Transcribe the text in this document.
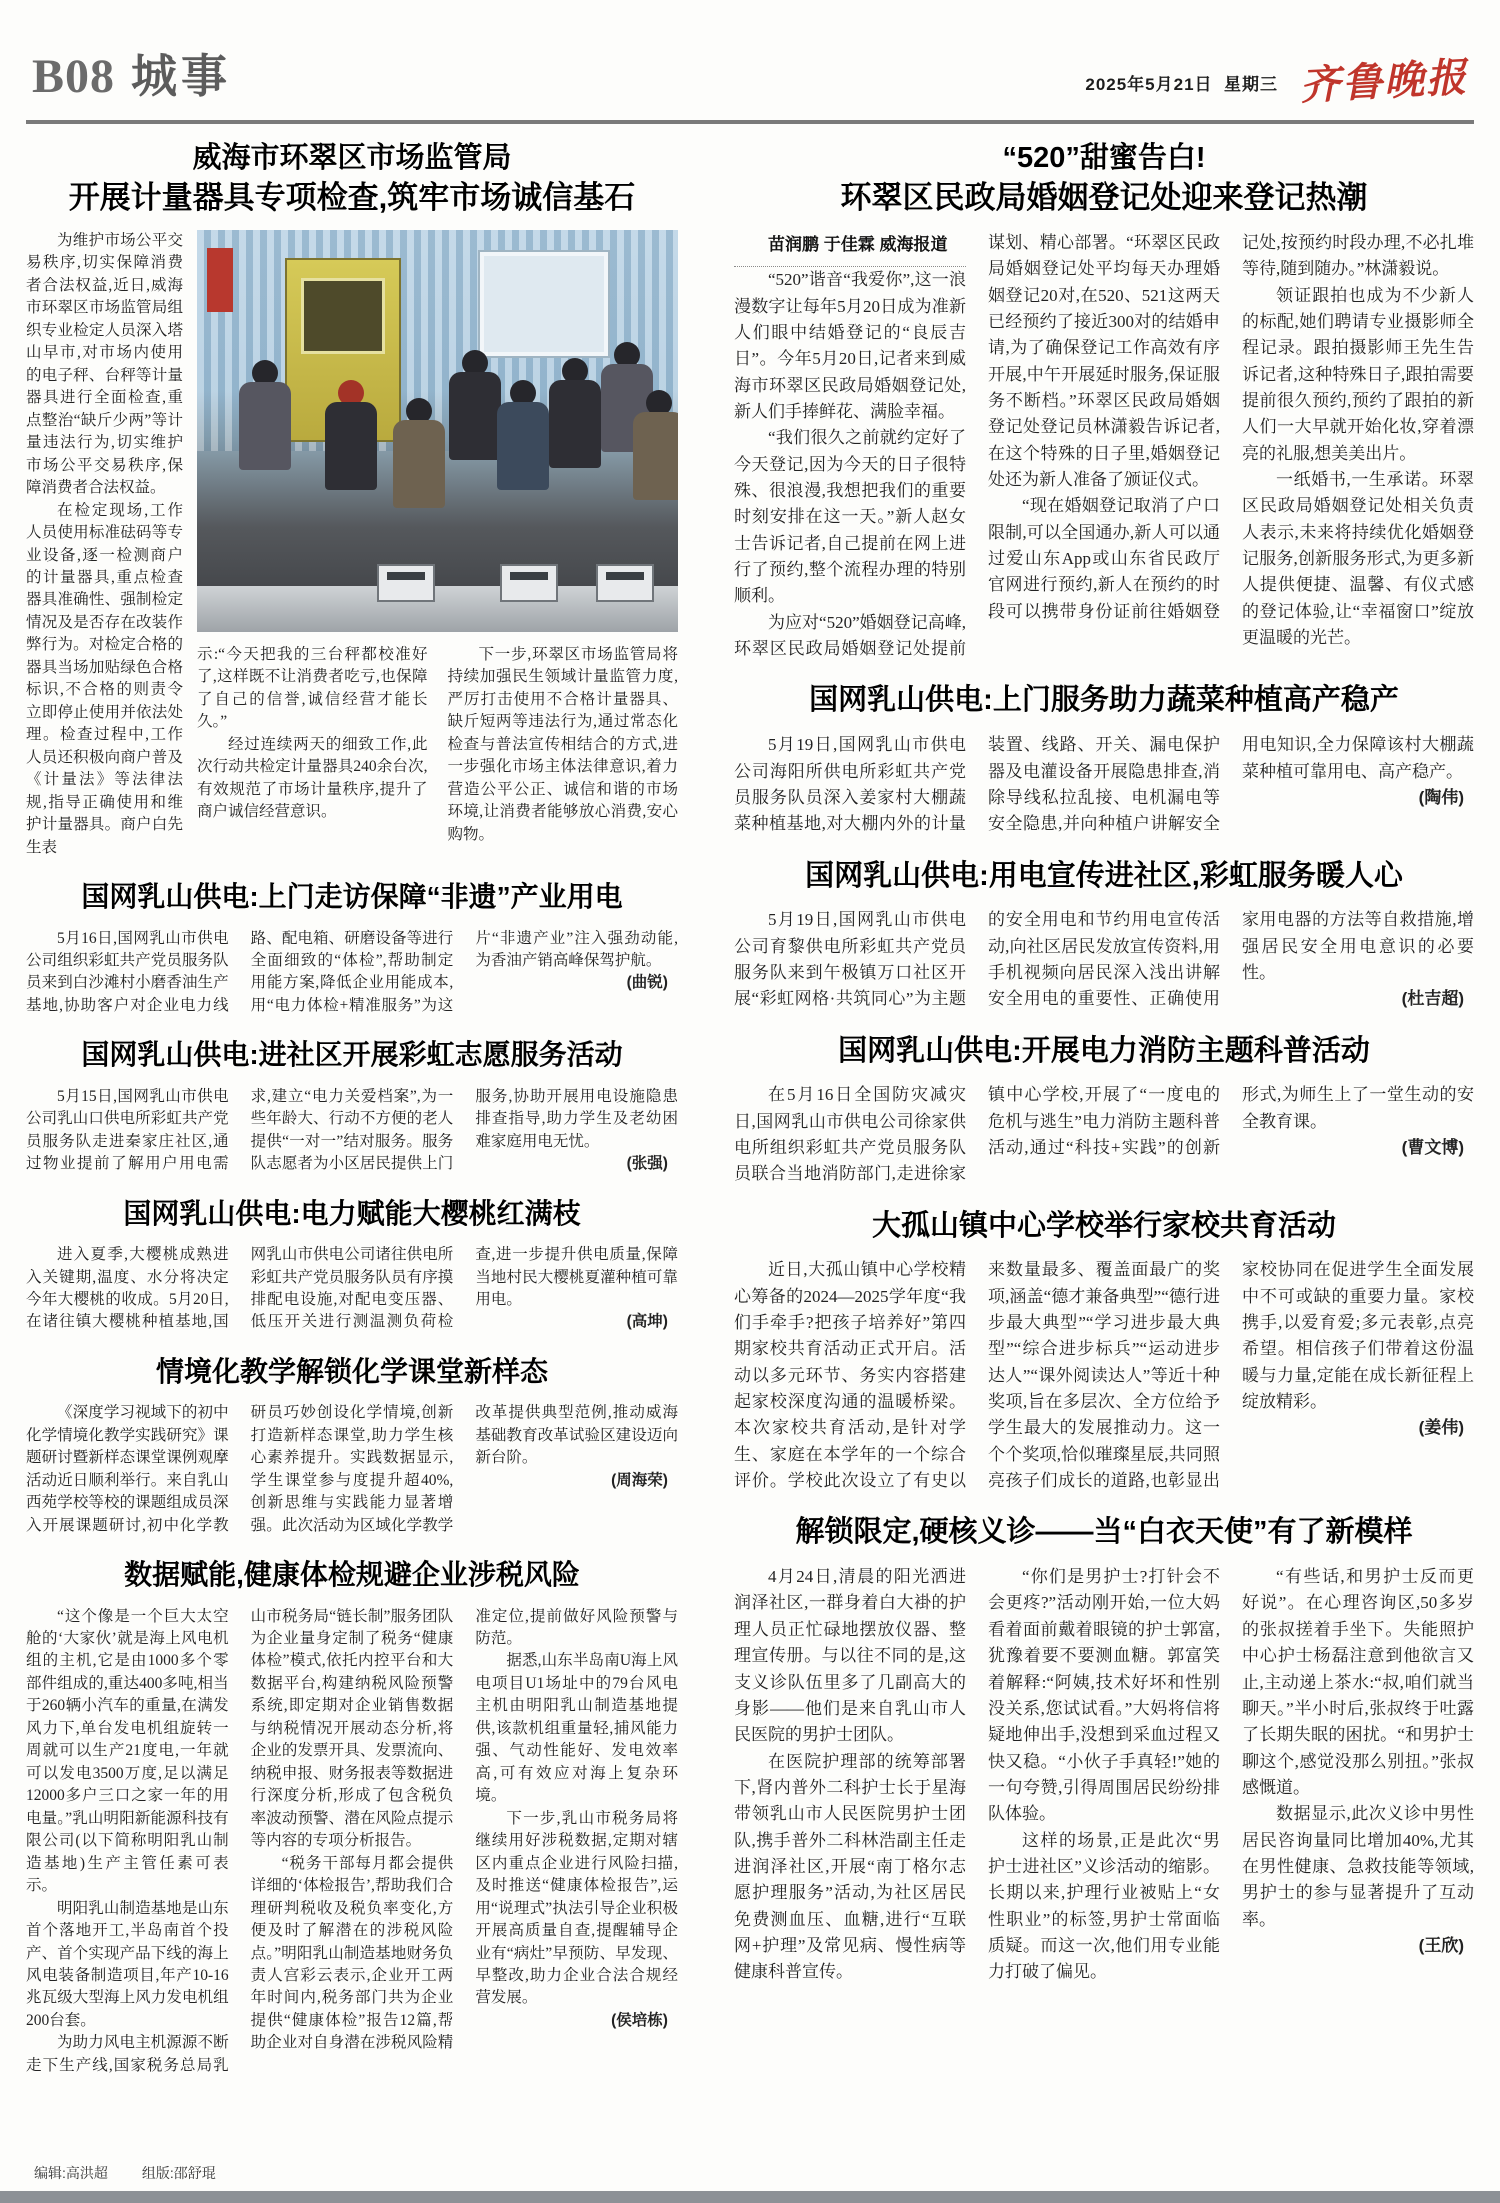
B08 城事	2025年5月21日 星期三 齐鲁晚报
威海市环翠区市场监管局
开展计量器具专项检查,筑牢市场诚信基石

为维护市场公平交易秩序,切实保障消费者合法权益,近日,威海市环翠区市场监管局组织专业检定人员深入塔山早市,对市场内使用的电子秤、台秤等计量器具进行全面检查,重点整治“缺斤少两”等计量违法行为,切实维护市场公平交易秩序,保障消费者合法权益。

在检定现场,工作人员使用标准砝码等专业设备,逐一检测商户的计量器具,重点检查器具准确性、强制检定情况及是否存在改装作弊行为。对检定合格的器具当场加贴绿色合格标识,不合格的则责令立即停止使用并依法处理。检查过程中,工作人员还积极向商户普及《计量法》等法律法规,指导正确使用和维护计量器具。商户白先生表

示:“今天把我的三台秤都校准好了,这样既不让消费者吃亏,也保障了自己的信誉,诚信经营才能长久。”

经过连续两天的细致工作,此次行动共检定计量器具240余台次,有效规范了市场计量秩序,提升了商户诚信经营意识。

下一步,环翠区市场监管局将持续加强民生领域计量监管力度,严厉打击使用不合格计量器具、缺斤短两等违法行为,通过常态化检查与普法宣传相结合的方式,进一步强化市场主体法律意识,着力营造公平公正、诚信和谐的市场环境,让消费者能够放心消费,安心购物。

国网乳山供电:上门走访保障“非遗”产业用电

5月16日,国网乳山市供电公司组织彩虹共产党员服务队员来到白沙滩村小磨香油生产基地,协助客户对企业电力线路、配电箱、研磨设备等进行全面细致的“体检”,帮助制定用能方案,降低企业用能成本,用“电力体检+精准服务”为这片“非遗产业”注入强劲动能,为香油产销高峰保驾护航。

(曲锐)

国网乳山供电:进社区开展彩虹志愿服务活动

5月15日,国网乳山市供电公司乳山口供电所彩虹共产党员服务队走进秦家庄社区,通过物业提前了解用户用电需求,建立“电力关爱档案”,为一些年龄大、行动不方便的老人提供“一对一”结对服务。服务队志愿者为小区居民提供上门服务,协助开展用电设施隐患排查指导,助力学生及老幼困难家庭用电无忧。

(张强)

国网乳山供电:电力赋能大樱桃红满枝

进入夏季,大樱桃成熟进入关键期,温度、水分将决定今年大樱桃的收成。5月20日,在诸往镇大樱桃种植基地,国网乳山市供电公司诸往供电所彩虹共产党员服务队员有序摸排配电设施,对配电变压器、低压开关进行测温测负荷检查,进一步提升供电质量,保障当地村民大樱桃夏灌种植可靠用电。

(高坤)

情境化教学解锁化学课堂新样态

《深度学习视域下的初中化学情境化教学实践研究》课题研讨暨新样态课堂课例观摩活动近日顺利举行。来自乳山西苑学校等校的课题组成员深入开展课题研讨,初中化学教研员巧妙创设化学情境,创新打造新样态课堂,助力学生核心素养提升。实践数据显示,学生课堂参与度提升超40%,创新思维与实践能力显著增强。此次活动为区域化学教学改革提供典型范例,推动威海基础教育改革试验区建设迈向新台阶。

(周海荣)

数据赋能,健康体检规避企业涉税风险

“这个像是一个巨大太空舱的‘大家伙’就是海上风电机组的主机,它是由1000多个零部件组成的,重达400多吨,相当于260辆小汽车的重量,在满发风力下,单台发电机组旋转一周就可以生产21度电,一年就可以发电3500万度,足以满足12000多户三口之家一年的用电量。”乳山明阳新能源科技有限公司(以下简称明阳乳山制造基地)生产主管任素可表示。

明阳乳山制造基地是山东首个落地开工,半岛南首个投产、首个实现产品下线的海上风电装备制造项目,年产10-16兆瓦级大型海上风力发电机组200台套。

为助力风电主机源源不断走下生产线,国家税务总局乳山市税务局“链长制”服务团队为企业量身定制了税务“健康体检”模式,依托内控平台和大数据平台,构建纳税风险预警系统,即定期对企业销售数据与纳税情况开展动态分析,将企业的发票开具、发票流向、纳税申报、财务报表等数据进行深度分析,形成了包含税负率波动预警、潜在风险点提示等内容的专项分析报告。

“税务干部每月都会提供详细的‘体检报告’,帮助我们合理研判税收及税负率变化,方便及时了解潜在的涉税风险点。”明阳乳山制造基地财务负责人宫彩云表示,企业开工两年时间内,税务部门共为企业提供“健康体检”报告12篇,帮助企业对自身潜在涉税风险精准定位,提前做好风险预警与防范。

据悉,山东半岛南U海上风电项目U1场址中的79台风电主机由明阳乳山制造基地提供,该款机组重量轻,捕风能力强、气动性能好、发电效率高,可有效应对海上复杂环境。

下一步,乳山市税务局将继续用好涉税数据,定期对辖区内重点企业进行风险扫描,及时推送“健康体检报告”,运用“说理式”执法引导企业积极开展高质量自查,提醒辅导企业有“病灶”早预防、早发现、早整改,助力企业合法合规经营发展。

(侯培栋)

“520”甜蜜告白!
环翠区民政局婚姻登记处迎来登记热潮

苗润鹏 于佳霖 威海报道

“520”谐音“我爱你”,这一浪漫数字让每年5月20日成为准新人们眼中结婚登记的“良辰吉日”。今年5月20日,记者来到威海市环翠区民政局婚姻登记处,新人们手捧鲜花、满脸幸福。

“我们很久之前就约定好了今天登记,因为今天的日子很特殊、很浪漫,我想把我们的重要时刻安排在这一天。”新人赵女士告诉记者,自己提前在网上进行了预约,整个流程办理的特别顺利。

为应对“520”婚姻登记高峰,环翠区民政局婚姻登记处提前谋划、精心部署。“环翠区民政局婚姻登记处平均每天办理婚姻登记20对,在520、521这两天已经预约了接近300对的结婚申请,为了确保登记工作高效有序开展,中午开展延时服务,保证服务不断档。”环翠区民政局婚姻登记处登记员林潇毅告诉记者,在这个特殊的日子里,婚姻登记处还为新人准备了颁证仪式。

“现在婚姻登记取消了户口限制,可以全国通办,新人可以通过爱山东App或山东省民政厅官网进行预约,新人在预约的时段可以携带身份证前往婚姻登记处,按预约时段办理,不必扎堆等待,随到随办。”林潇毅说。

领证跟拍也成为不少新人的标配,她们聘请专业摄影师全程记录。跟拍摄影师王先生告诉记者,这种特殊日子,跟拍需要提前很久预约,预约了跟拍的新人们一大早就开始化妆,穿着漂亮的礼服,想美美出片。

一纸婚书,一生承诺。环翠区民政局婚姻登记处相关负责人表示,未来将持续优化婚姻登记服务,创新服务形式,为更多新人提供便捷、温馨、有仪式感的登记体验,让“幸福窗口”绽放更温暖的光芒。

国网乳山供电:上门服务助力蔬菜种植高产稳产

5月19日,国网乳山市供电公司海阳所供电所彩虹共产党员服务队员深入姜家村大棚蔬菜种植基地,对大棚内外的计量装置、线路、开关、漏电保护器及电灌设备开展隐患排查,消除导线私拉乱接、电机漏电等安全隐患,并向种植户讲解安全用电知识,全力保障该村大棚蔬菜种植可靠用电、高产稳产。

(陶伟)

国网乳山供电:用电宣传进社区,彩虹服务暖人心

5月19日,国网乳山市供电公司育黎供电所彩虹共产党员服务队来到午极镇万口社区开展“彩虹网格·共筑同心”为主题的安全用电和节约用电宣传活动,向社区居民发放宣传资料,用手机视频向居民深入浅出讲解安全用电的重要性、正确使用家用电器的方法等自救措施,增强居民安全用电意识的必要性。

(杜吉超)

国网乳山供电:开展电力消防主题科普活动

在5月16日全国防灾减灾日,国网乳山市供电公司徐家供电所组织彩虹共产党员服务队员联合当地消防部门,走进徐家镇中心学校,开展了“一度电的危机与逃生”电力消防主题科普活动,通过“科技+实践”的创新形式,为师生上了一堂生动的安全教育课。

(曹文博)

大孤山镇中心学校举行家校共育活动

近日,大孤山镇中心学校精心筹备的2024—2025学年度“我们手牵手?把孩子培养好”第四期家校共育活动正式开启。活动以多元环节、务实内容搭建起家校深度沟通的温暖桥梁。本次家校共育活动,是针对学生、家庭在本学年的一个综合评价。学校此次设立了有史以来数量最多、覆盖面最广的奖项,涵盖“德才兼备典型”“德行进步最大典型”“学习进步最大典型”“综合进步标兵”“运动进步达人”“课外阅读达人”等近十种奖项,旨在多层次、全方位给予学生最大的发展推动力。这一个个奖项,恰似璀璨星辰,共同照亮孩子们成长的道路,也彰显出家校协同在促进学生全面发展中不可或缺的重要力量。家校携手,以爱育爱;多元表彰,点亮希望。相信孩子们带着这份温暖与力量,定能在成长新征程上绽放精彩。

(姜伟)

解锁限定,硬核义诊——当“白衣天使”有了新模样

4月24日,清晨的阳光洒进润泽社区,一群身着白大褂的护理人员正忙碌地摆放仪器、整理宣传册。与以往不同的是,这支义诊队伍里多了几副高大的身影——他们是来自乳山市人民医院的男护士团队。

在医院护理部的统筹部署下,肾内普外二科护士长于星海带领乳山市人民医院男护士团队,携手普外二科林浩副主任走进润泽社区,开展“南丁格尔志愿护理服务”活动,为社区居民免费测血压、血糖,进行“互联网+护理”及常见病、慢性病等健康科普宣传。

“你们是男护士?打针会不会更疼?”活动刚开始,一位大妈看着面前戴着眼镜的护士郭富,犹豫着要不要测血糖。郭富笑着解释:“阿姨,技术好坏和性别没关系,您试试看。”大妈将信将疑地伸出手,没想到采血过程又快又稳。“小伙子手真轻!”她的一句夸赞,引得周围居民纷纷排队体验。

这样的场景,正是此次“男护士进社区”义诊活动的缩影。长期以来,护理行业被贴上“女性职业”的标签,男护士常面临质疑。而这一次,他们用专业能力打破了偏见。

“有些话,和男护士反而更好说”。在心理咨询区,50多岁的张叔搓着手坐下。失能照护中心护士杨磊注意到他欲言又止,主动递上茶水:“叔,咱们就当聊天。”半小时后,张叔终于吐露了长期失眠的困扰。“和男护士聊这个,感觉没那么别扭。”张叔感慨道。

数据显示,此次义诊中男性居民咨询量同比增加40%,尤其在男性健康、急救技能等领域,男护士的参与显著提升了互动率。

(王欣)

编辑:高洪超 组版:邵舒琨
